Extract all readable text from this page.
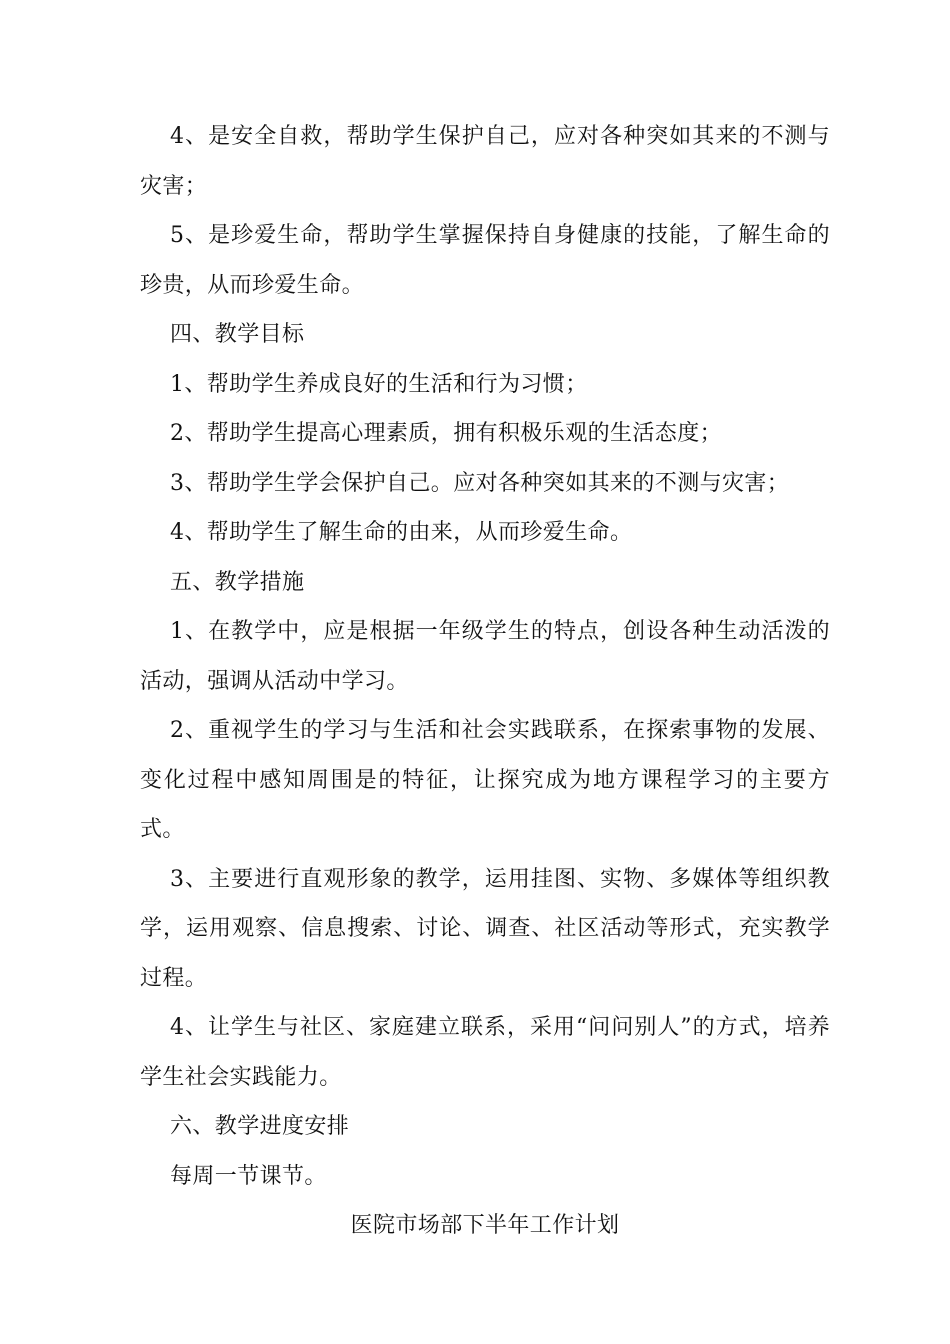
4、是安全自救，帮助学生保护自己，应对各种突如其来的不测与灾害；

5、是珍爱生命，帮助学生掌握保持自身健康的技能，了解生命的珍贵，从而珍爱生命。

四、教学目标

1、帮助学生养成良好的生活和行为习惯；

2、帮助学生提高心理素质，拥有积极乐观的生活态度；

3、帮助学生学会保护自己。应对各种突如其来的不测与灾害；

4、帮助学生了解生命的由来，从而珍爱生命。

五、教学措施

1、在教学中，应是根据一年级学生的特点，创设各种生动活泼的活动，强调从活动中学习。

2、重视学生的学习与生活和社会实践联系，在探索事物的发展、变化过程中感知周围是的特征，让探究成为地方课程学习的主要方式。

3、主要进行直观形象的教学，运用挂图、实物、多媒体等组织教学，运用观察、信息搜索、讨论、调查、社区活动等形式，充实教学过程。

4、让学生与社区、家庭建立联系，采用“问问别人”的方式，培养学生社会实践能力。

六、教学进度安排

每周一节课节。

医院市场部下半年工作计划
